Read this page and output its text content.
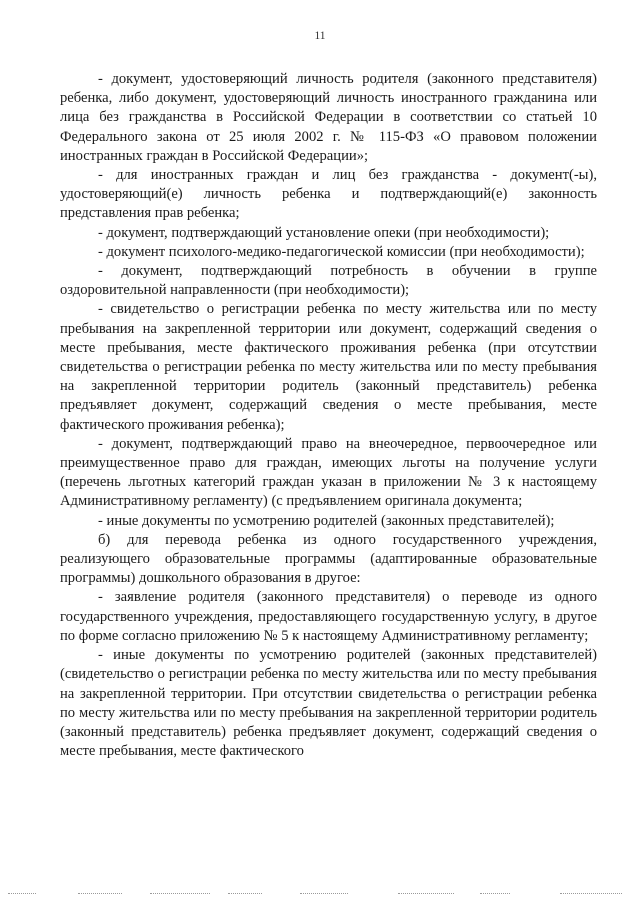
11

- документ, удостоверяющий личность родителя (законного представителя) ребенка, либо документ, удостоверяющий личность иностранного гражданина или лица без гражданства в Российской Федерации в соответствии со статьей 10 Федерального закона от 25 июля 2002 г. № 115-ФЗ «О правовом положении иностранных граждан в Российской Федерации»;

- для иностранных граждан и лиц без гражданства - документ(-ы), удостоверяющий(е) личность ребенка и подтверждающий(е) законность представления прав ребенка;

- документ, подтверждающий установление опеки (при необходимости);

- документ психолого-медико-педагогической комиссии (при необходимости);

- документ, подтверждающий потребность в обучении в группе оздоровительной направленности (при необходимости);

- свидетельство о регистрации ребенка по месту жительства или по месту пребывания на закрепленной территории или документ, содержащий сведения о месте пребывания, месте фактического проживания ребенка (при отсутствии свидетельства о регистрации ребенка по месту жительства или по месту пребывания на закрепленной территории родитель (законный представитель) ребенка предъявляет документ, содержащий сведения о месте пребывания, месте фактического проживания ребенка);

- документ, подтверждающий право на внеочередное, первоочередное или преимущественное право для граждан, имеющих льготы на получение услуги (перечень льготных категорий граждан указан в приложении № 3 к настоящему Административному регламенту) (с предъявлением оригинала документа;

- иные документы по усмотрению родителей (законных представителей);

б) для перевода ребенка из одного государственного учреждения, реализующего образовательные программы (адаптированные образовательные программы) дошкольного образования в другое:

- заявление родителя (законного представителя) о переводе из одного государственного учреждения, предоставляющего государственную услугу, в другое по форме согласно приложению № 5 к настоящему Административному регламенту;

- иные документы по усмотрению родителей (законных представителей) (свидетельство о регистрации ребенка по месту жительства или по месту пребывания на закрепленной территории. При отсутствии свидетельства о регистрации ребенка по месту жительства или по месту пребывания на закрепленной территории родитель (законный представитель) ребенка предъявляет документ, содержащий сведения о месте пребывания, месте фактического
